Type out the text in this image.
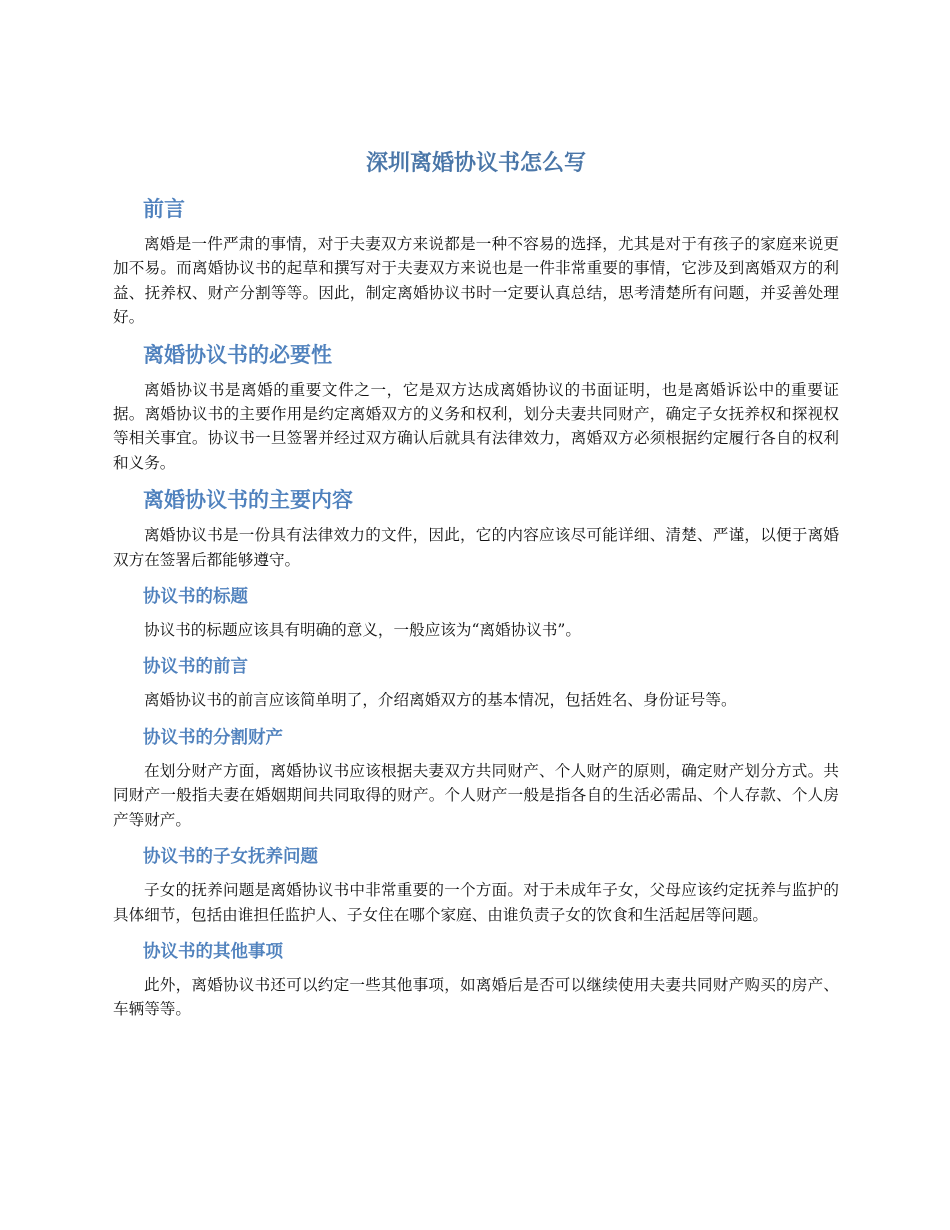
深圳离婚协议书怎么写
前言

离婚是一件严肃的事情，对于夫妻双方来说都是一种不容易的选择，尤其是对于有孩子的家庭来说更加不易。而离婚协议书的起草和撰写对于夫妻双方来说也是一件非常重要的事情，它涉及到离婚双方的利益、抚养权、财产分割等等。因此，制定离婚协议书时一定要认真总结，思考清楚所有问题，并妥善处理好。

离婚协议书的必要性

离婚协议书是离婚的重要文件之一，它是双方达成离婚协议的书面证明，也是离婚诉讼中的重要证据。离婚协议书的主要作用是约定离婚双方的义务和权利，划分夫妻共同财产，确定子女抚养权和探视权等相关事宜。协议书一旦签署并经过双方确认后就具有法律效力，离婚双方必须根据约定履行各自的权利和义务。

离婚协议书的主要内容

离婚协议书是一份具有法律效力的文件，因此，它的内容应该尽可能详细、清楚、严谨，以便于离婚双方在签署后都能够遵守。

协议书的标题

协议书的标题应该具有明确的意义，一般应该为“离婚协议书”。

协议书的前言

离婚协议书的前言应该简单明了，介绍离婚双方的基本情况，包括姓名、身份证号等。

协议书的分割财产

在划分财产方面，离婚协议书应该根据夫妻双方共同财产、个人财产的原则，确定财产划分方式。共同财产一般指夫妻在婚姻期间共同取得的财产。个人财产一般是指各自的生活必需品、个人存款、个人房产等财产。

协议书的子女抚养问题

子女的抚养问题是离婚协议书中非常重要的一个方面。对于未成年子女，父母应该约定抚养与监护的具体细节，包括由谁担任监护人、子女住在哪个家庭、由谁负责子女的饮食和生活起居等问题。

协议书的其他事项

此外，离婚协议书还可以约定一些其他事项，如离婚后是否可以继续使用夫妻共同财产购买的房产、车辆等等。
